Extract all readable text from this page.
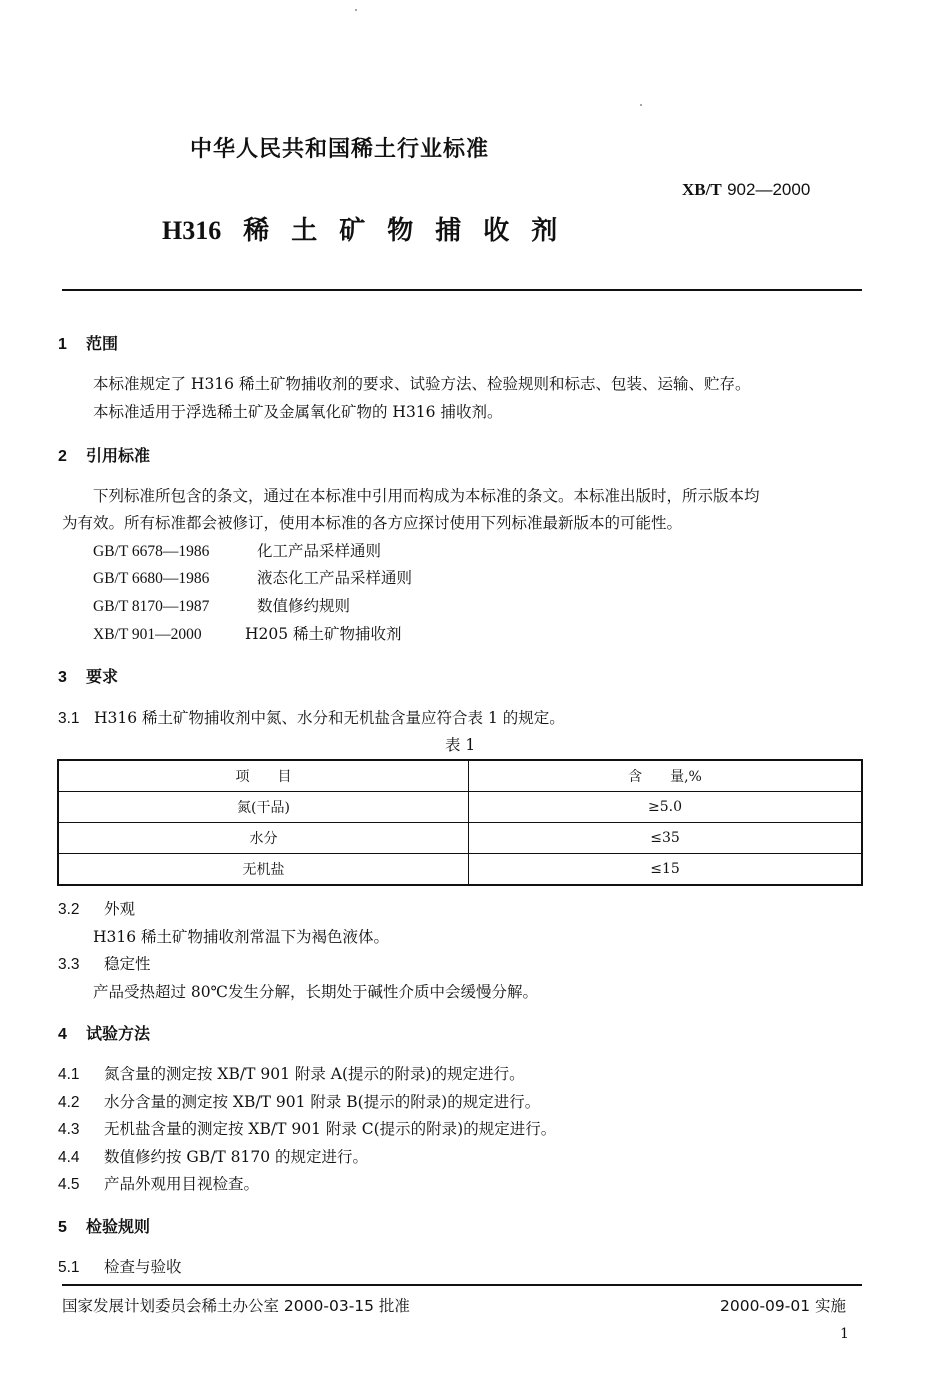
中华人民共和国稀土行业标准
XB/T 902—2000
H316 稀土矿物捕收剂
1 范围
本标准规定了 H316 稀土矿物捕收剂的要求、试验方法、检验规则和标志、包装、运输、贮存。
本标准适用于浮选稀土矿及金属氧化矿物的 H316 捕收剂。
2 引用标准
下列标准所包含的条文，通过在本标准中引用而构成为本标准的条文。本标准出版时，所示版本均
为有效。所有标准都会被修订，使用本标准的各方应探讨使用下列标准最新版本的可能性。
GB/T 6678—1986	化工产品采样通则
GB/T 6680—1986	液态化工产品采样通则
GB/T 8170—1987	数值修约规则
XB/T 901—2000	H205 稀土矿物捕收剂
3 要求
3.1 H316 稀土矿物捕收剂中氮、水分和无机盐含量应符合表 1 的规定。
表 1
项　　目	含　　量,%
氮(干品)	≥5.0
水分	≤35
无机盐	≤15
3.2 外观
H316 稀土矿物捕收剂常温下为褐色液体。
3.3 稳定性
产品受热超过 80℃发生分解，长期处于碱性介质中会缓慢分解。
4 试验方法
4.1 氮含量的测定按 XB/T 901 附录 A(提示的附录)的规定进行。
4.2 水分含量的测定按 XB/T 901 附录 B(提示的附录)的规定进行。
4.3 无机盐含量的测定按 XB/T 901 附录 C(提示的附录)的规定进行。
4.4 数值修约按 GB/T 8170 的规定进行。
4.5 产品外观用目视检查。
5 检验规则
5.1 检查与验收
国家发展计划委员会稀土办公室 2000-03-15 批准	2000-09-01 实施
1
